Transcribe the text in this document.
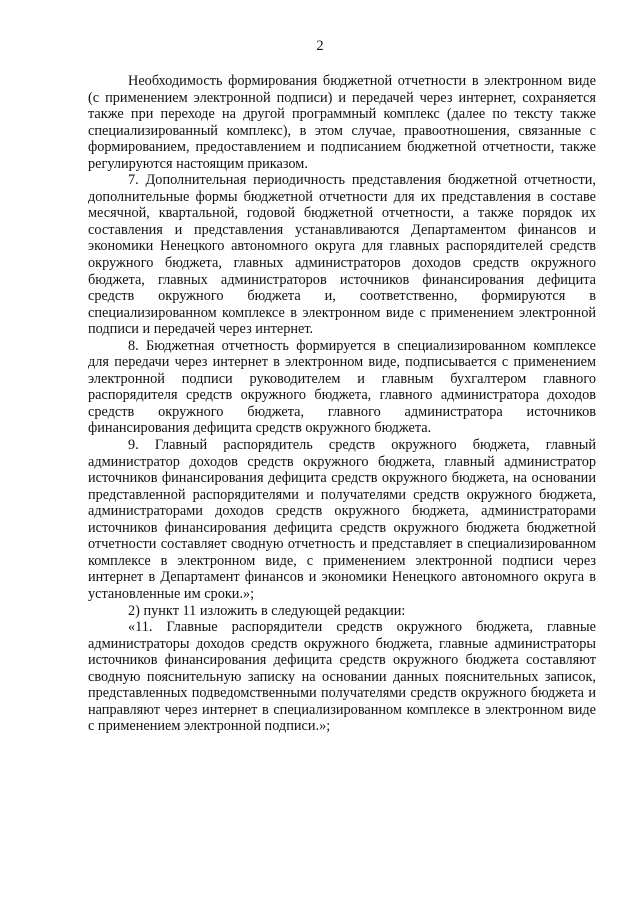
2

Необходимость формирования бюджетной отчетности в электронном виде (с применением электронной подписи) и передачей через интернет, сохраняется также при переходе на другой программный комплекс (далее по тексту также специализированный комплекс), в этом случае, правоотношения, связанные с формированием, предоставлением и подписанием бюджетной отчетности, также регулируются настоящим приказом.

7. Дополнительная периодичность представления бюджетной отчетности, дополнительные формы бюджетной отчетности для их представления в составе месячной, квартальной, годовой бюджетной отчетности, а также порядок их составления и представления устанавливаются Департаментом финансов и экономики Ненецкого автономного округа для главных распорядителей средств окружного бюджета, главных администраторов доходов средств окружного бюджета, главных администраторов источников финансирования дефицита средств окружного бюджета и, соответственно, формируются в специализированном комплексе в электронном виде с применением электронной подписи и передачей через интернет.

8. Бюджетная отчетность формируется в специализированном комплексе для передачи через интернет в электронном виде, подписывается с применением электронной подписи руководителем и главным бухгалтером главного распорядителя средств окружного бюджета, главного администратора доходов средств окружного бюджета, главного администратора источников финансирования дефицита средств окружного бюджета.

9. Главный распорядитель средств окружного бюджета, главный администратор доходов средств окружного бюджета, главный администратор источников финансирования дефицита средств окружного бюджета, на основании представленной распорядителями и получателями средств окружного бюджета, администраторами доходов средств окружного бюджета, администраторами источников финансирования дефицита средств окружного бюджета бюджетной отчетности составляет сводную отчетность и представляет в специализированном комплексе в электронном виде, с применением электронной подписи через интернет в Департамент финансов и экономики Ненецкого автономного округа в установленные им сроки.»;

2) пункт 11 изложить в следующей редакции:

«11. Главные распорядители средств окружного бюджета, главные администраторы доходов средств окружного бюджета, главные администраторы источников финансирования дефицита средств окружного бюджета составляют сводную пояснительную записку на основании данных пояснительных записок, представленных подведомственными получателями средств окружного бюджета и направляют через интернет в специализированном комплексе в электронном виде с применением электронной подписи.»;
